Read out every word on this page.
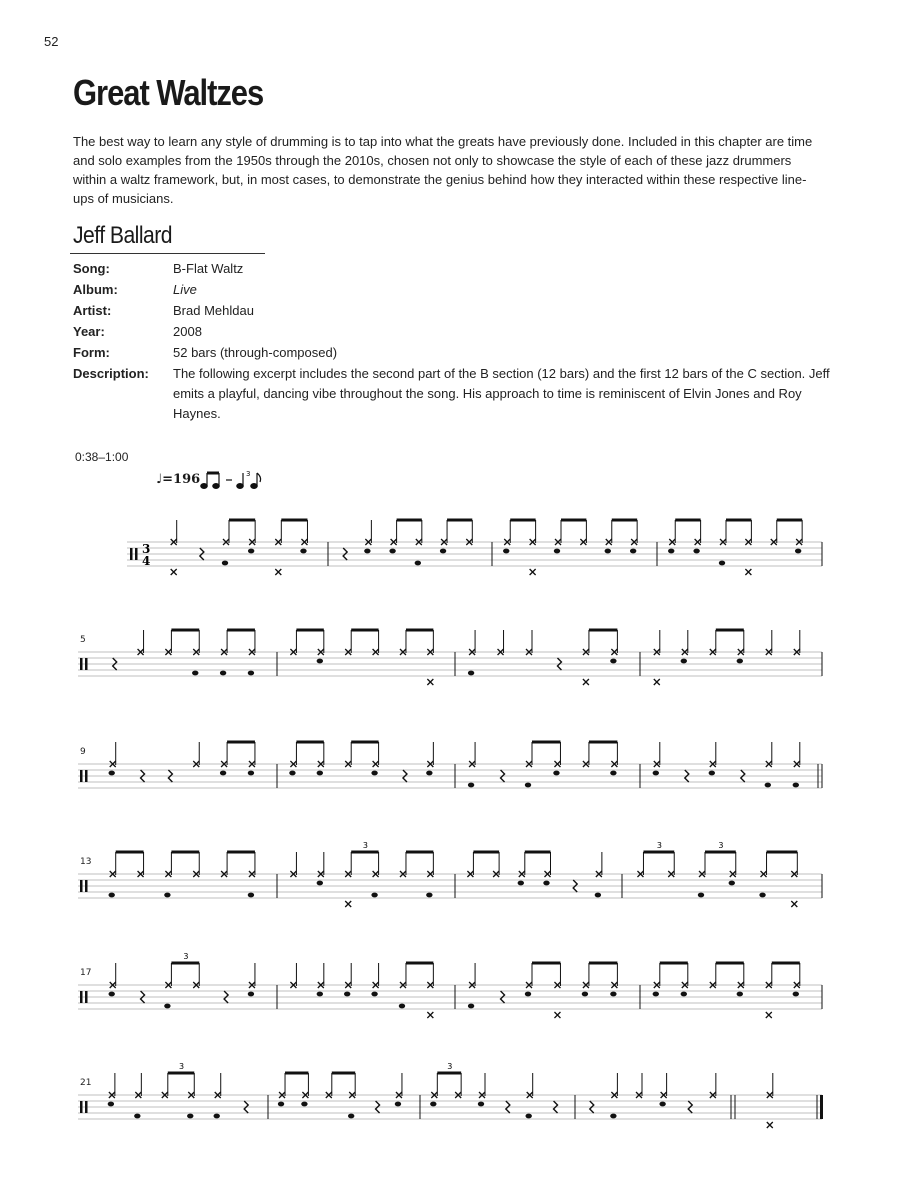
52
Great Waltzes

The best way to learn any style of drumming is to tap into what the greats have previously done. Included in this chapter are time and solo examples from the 1950s through the 2010s, chosen not only to showcase the style of each of these jazz drummers within a waltz framework, but, in most cases, to demonstrate the genius behind how they interacted within these respective line-ups of musicians.

Jeff Ballard
Song:	B-Flat Waltz
Album:	Live
Artist:	Brad Mehldau
Year:	2008
Form:	52 bars (through-composed)
Description:	The following excerpt includes the second part of the B section (12 bars) and the first 12 bars of the C section. Jeff emits a playful, dancing vibe throughout the song. His approach to time is reminiscent of Elvin Jones and Roy Haynes.
0:38–1:00
♩=196	3
3
4
5
9
13
3	3	3
17
3
21
3	3
